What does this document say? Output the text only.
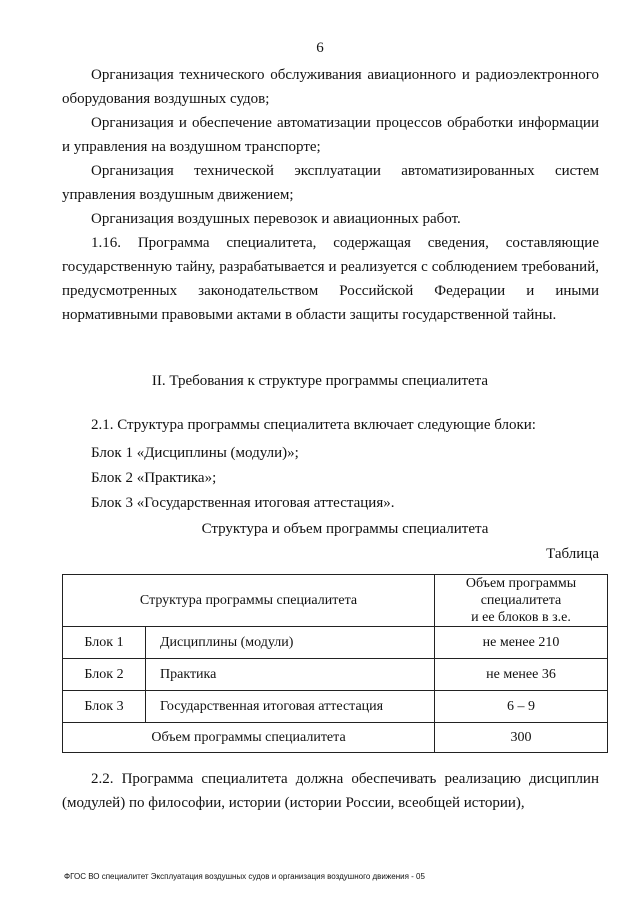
6

Организация технического обслуживания авиационного и радиоэлектронного оборудования воздушных судов;

Организация и обеспечение автоматизации процессов обработки информации и управления на воздушном транспорте;

Организация технической эксплуатации автоматизированных систем управления воздушным движением;

Организация воздушных перевозок и авиационных работ.

1.16. Программа специалитета, содержащая сведения, составляющие государственную тайну, разрабатывается и реализуется с соблюдением требований, предусмотренных законодательством Российской Федерации и иными нормативными правовыми актами в области защиты государственной тайны.

II. Требования к структуре программы специалитета
2.1. Структура программы специалитета включает следующие блоки:
Блок 1 «Дисциплины (модули)»;
Блок 2 «Практика»;
Блок 3 «Государственная итоговая аттестация».
Структура и объем программы специалитета
Таблица
Структура программы специалитета		Объем программы
специалитета
и ее блоков в з.е.

Блок 1	Дисциплины (модули)	не менее 210
Блок 2	Практика	не менее 36
Блок 3	Государственная итоговая аттестация	6 – 9
Объем программы специалитета		300

2.2. Программа специалитета должна обеспечивать реализацию дисциплин (модулей) по философии, истории (истории России, всеобщей истории),

ФГОС ВО специалитет Эксплуатация воздушных судов и организация воздушного движения - 05
